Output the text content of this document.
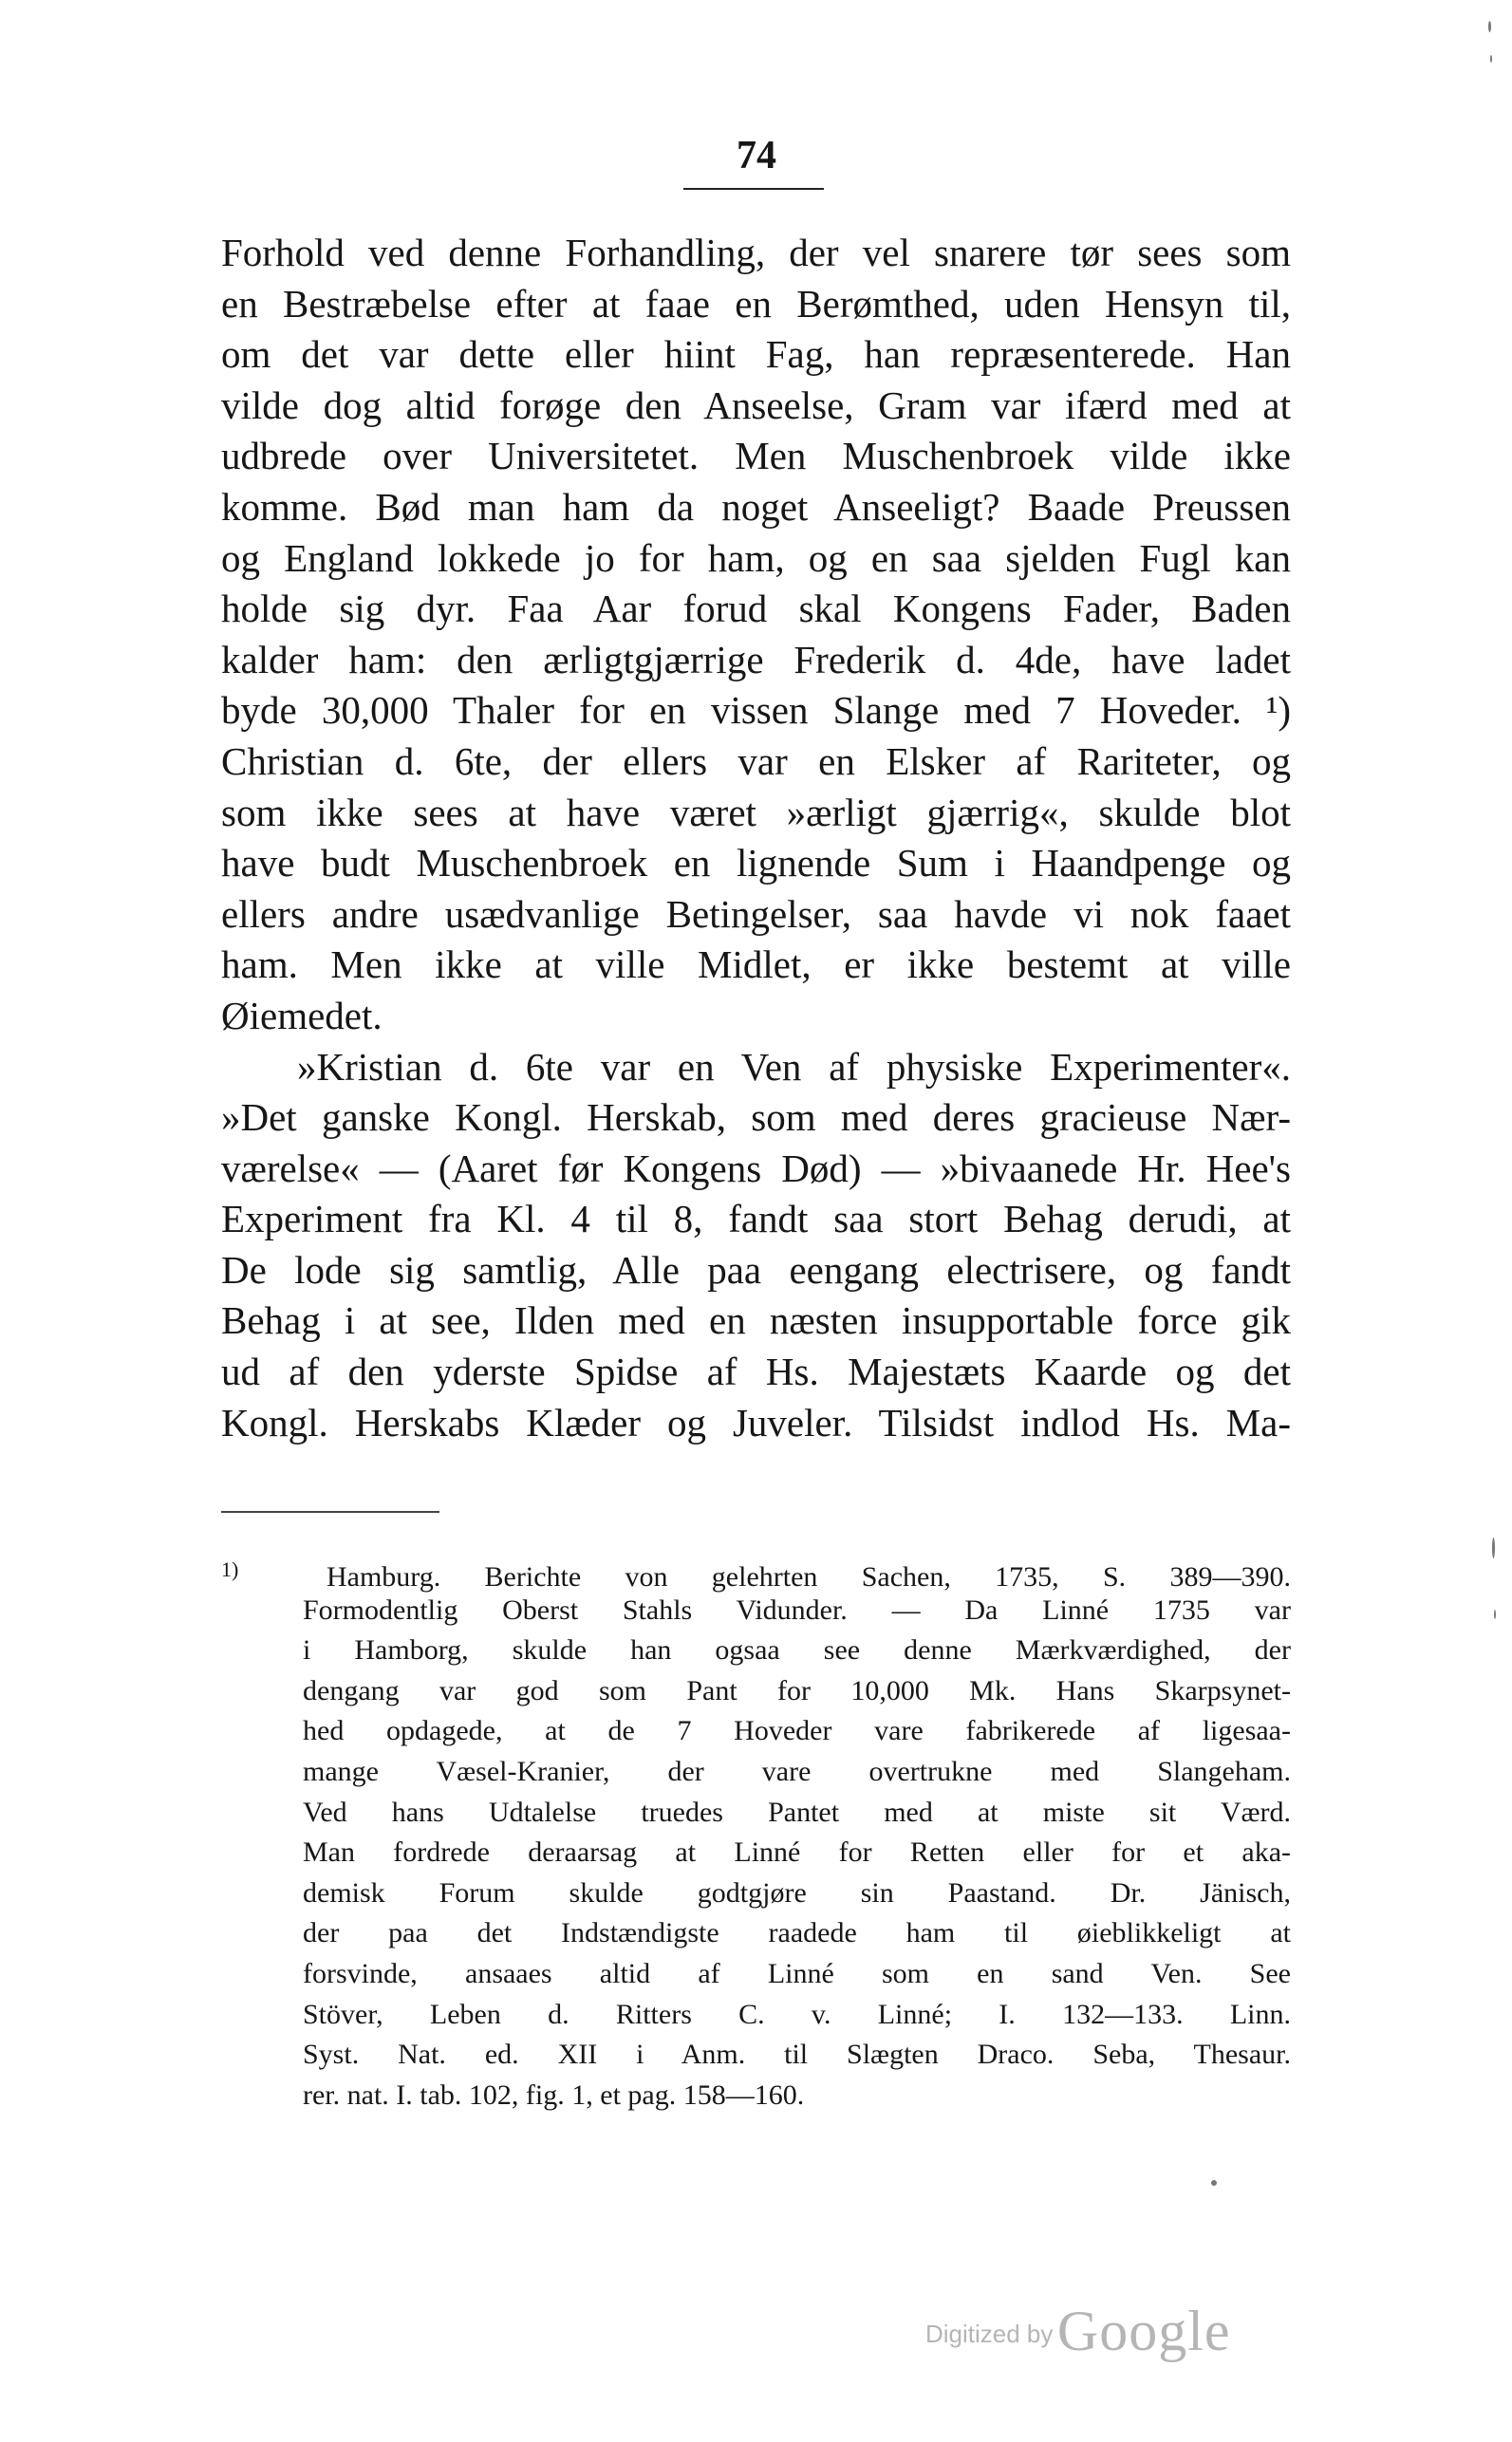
74
Forhold ved denne Forhandling, der vel snarere tør sees som
en Bestræbelse efter at faae en Berømthed, uden Hensyn til,
om det var dette eller hiint Fag, han repræsenterede. Han
vilde dog altid forøge den Anseelse, Gram var ifærd med at
udbrede over Universitetet. Men Muschenbroek vilde ikke
komme. Bød man ham da noget Anseeligt? Baade Preussen
og England lokkede jo for ham, og en saa sjelden Fugl kan
holde sig dyr. Faa Aar forud skal Kongens Fader, Baden
kalder ham: den ærligtgjærrige Frederik d. 4de, have ladet
byde 30,000 Thaler for en vissen Slange med 7 Hoveder. ¹)
Christian d. 6te, der ellers var en Elsker af Rariteter, og
som ikke sees at have været »ærligt gjærrig«, skulde blot
have budt Muschenbroek en lignende Sum i Haandpenge og
ellers andre usædvanlige Betingelser, saa havde vi nok faaet
ham. Men ikke at ville Midlet, er ikke bestemt at ville
Øiemedet.
»Kristian d. 6te var en Ven af physiske Experimenter«.
»Det ganske Kongl. Herskab, som med deres gracieuse Nær-
værelse« — (Aaret før Kongens Død) — »bivaanede Hr. Hee's
Experiment fra Kl. 4 til 8, fandt saa stort Behag derudi, at
De lode sig samtlig, Alle paa eengang electrisere, og fandt
Behag i at see, Ilden med en næsten insupportable force gik
ud af den yderste Spidse af Hs. Majestæts Kaarde og det
Kongl. Herskabs Klæder og Juveler. Tilsidst indlod Hs. Ma-
$^{1)}$	Hamburg. Berichte von gelehrten Sachen, 1735, S. 389—390.
Formodentlig Oberst Stahls Vidunder. — Da Linné 1735 var
i Hamborg, skulde han ogsaa see denne Mærkværdighed, der
dengang var god som Pant for 10,000 Mk. Hans Skarpsynet-
hed opdagede, at de 7 Hoveder vare fabrikerede af ligesaa-
mange Væsel-Kranier, der vare overtrukne med Slangeham.
Ved hans Udtalelse truedes Pantet med at miste sit Værd.
Man fordrede deraarsag at Linné for Retten eller for et aka-
demisk Forum skulde godtgjøre sin Paastand. Dr. Jänisch,
der paa det Indstændigste raadede ham til øieblikkeligt at
forsvinde, ansaaes altid af Linné som en sand Ven. See
Stöver, Leben d. Ritters C. v. Linné; I. 132—133. Linn.
Syst. Nat. ed. XII i Anm. til Slægten Draco. Seba, Thesaur.
rer. nat. I. tab. 102, fig. 1, et pag. 158—160.
Digitized by Google
